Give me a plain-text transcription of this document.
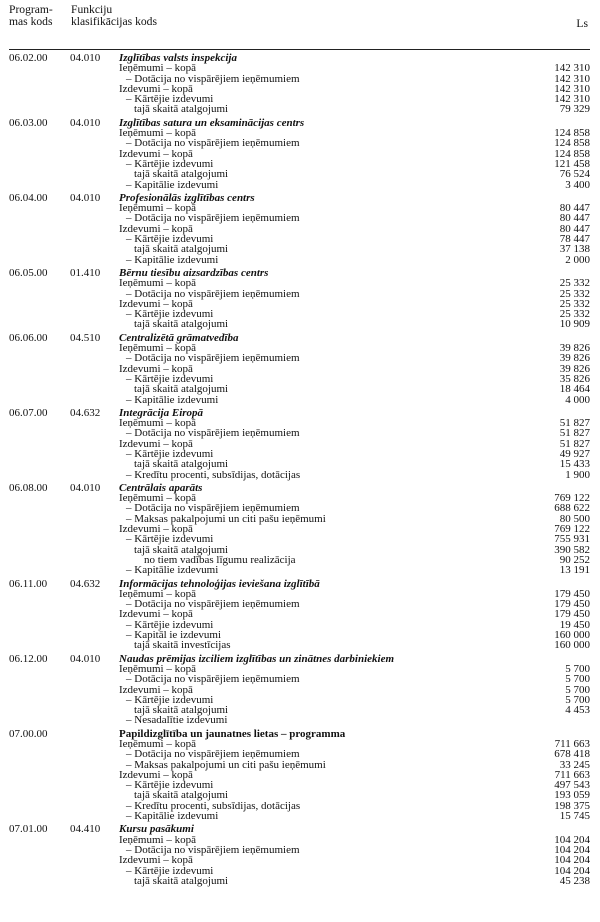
Program-mas kods
Funkciju klasifikācijas kods	Ls
06.02.00 04.010 Izglītības valsts inspekcija
Ieņēmumi – kopā	142 310
– Dotācija no vispārējiem ieņēmumiem	142 310
Izdevumi – kopā	142 310
– Kārtējie izdevumi	142 310
tajā skaitā atalgojumi	79 329
06.03.00 04.010 Izglītības satura un eksaminācijas centrs
Ieņēmumi – kopā	124 858
– Dotācija no vispārējiem ieņēmumiem	124 858
Izdevumi – kopā	124 858
– Kārtējie izdevumi	121 458
tajā skaitā atalgojumi	76 524
– Kapitālie izdevumi	3 400
06.04.00 04.010 Profesionālās izglītības centrs
Ieņēmumi – kopā	80 447
– Dotācija no vispārējiem ieņēmumiem	80 447
Izdevumi – kopā	80 447
– Kārtējie izdevumi	78 447
tajā skaitā atalgojumi	37 138
– Kapitālie izdevumi	2 000
06.05.00 01.410 Bērnu tiesību aizsardzības centrs
Ieņēmumi – kopā	25 332
– Dotācija no vispārējiem ieņēmumiem	25 332
Izdevumi – kopā	25 332
– Kārtējie izdevumi	25 332
tajā skaitā atalgojumi	10 909
06.06.00 04.510 Centralizētā grāmatvedība
Ieņēmumi – kopā	39 826
– Dotācija no vispārējiem ieņēmumiem	39 826
Izdevumi – kopā	39 826
– Kārtējie izdevumi	35 826
tajā skaitā atalgojumi	18 464
– Kapitālie izdevumi	4 000
06.07.00 04.632 Integrācija Eiropā
Ieņēmumi – kopā	51 827
– Dotācija no vispārējiem ieņēmumiem	51 827
Izdevumi – kopā	51 827
– Kārtējie izdevumi	49 927
tajā skaitā atalgojumi	15 433
– Kredītu procenti, subsīdijas, dotācijas	1 900
06.08.00 04.010 Centrālais aparāts
Ieņēmumi – kopā	769 122
– Dotācija no vispārējiem ieņēmumiem	688 622
– Maksas pakalpojumi un citi pašu ieņēmumi	80 500
Izdevumi – kopā	769 122
– Kārtējie izdevumi	755 931
tajā skaitā atalgojumi	390 582
no tiem vadības līgumu realizācija	90 252
– Kapitālie izdevumi	13 191
06.11.00 04.632 Informācijas tehnoloģijas ieviešana izglītībā
Ieņēmumi – kopā	179 450
– Dotācija no vispārējiem ieņēmumiem	179 450
Izdevumi – kopā	179 450
– Kārtējie izdevumi	19 450
– Kapitāl ie izdevumi	160 000
tajā skaitā investīcijas	160 000
06.12.00 04.010 Naudas prēmijas izciliem izglītības un zinātnes darbiniekiem
Ieņēmumi – kopā	5 700
– Dotācija no vispārējiem ieņēmumiem	5 700
Izdevumi – kopā	5 700
– Kārtējie izdevumi	5 700
tajā skaitā atalgojumi	4 453
– Nesadalītie izdevumi
07.00.00	Papildizglītība un jaunatnes lietas – programma
Ieņēmumi – kopā	711 663
– Dotācija no vispārējiem ieņēmumiem	678 418
– Maksas pakalpojumi un citi pašu ieņēmumi	33 245
Izdevumi – kopā	711 663
– Kārtējie izdevumi	497 543
tajā skaitā atalgojumi	193 059
– Kredītu procenti, subsīdijas, dotācijas	198 375
– Kapitālie izdevumi	15 745
07.01.00 04.410 Kursu pasākumi
Ieņēmumi – kopā	104 204
– Dotācija no vispārējiem ieņēmumiem	104 204
Izdevumi – kopā	104 204
– Kārtējie izdevumi	104 204
tajā skaitā atalgojumi	45 238
